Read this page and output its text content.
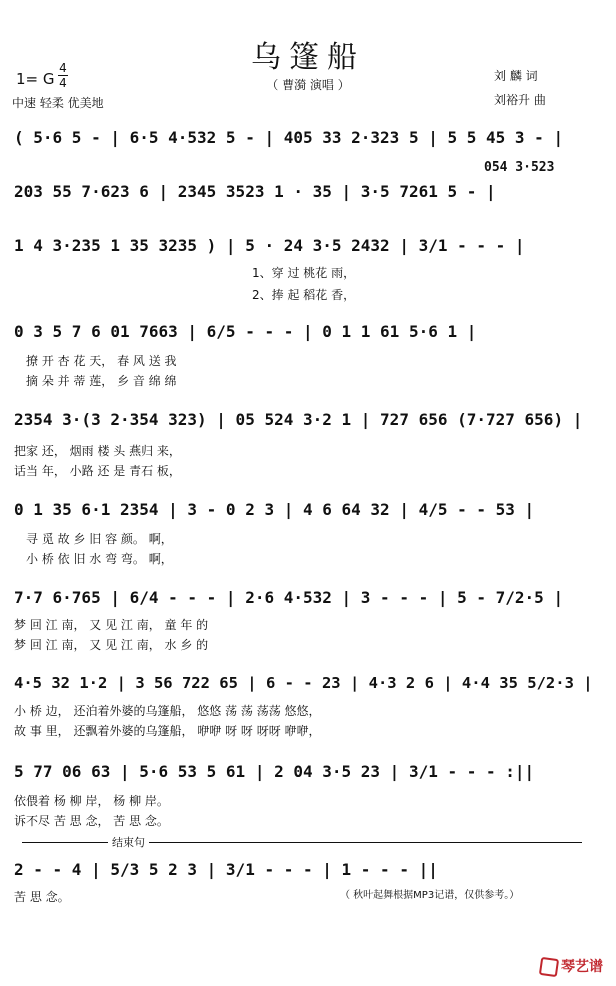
乌篷船
（ 曹漪 演唱 ）
1= G
4
4
中速 轻柔 优美地
刘 麟 词
刘裕升 曲
( 5·6 5 - | 6·5 4·532 5 - | 405 33 2·323 5 | 5 5 45 3 - |
054 3·523
203 55 7·623 6 | 2345 3523 1 · 35 | 3·5 7261 5 - |
1 4 3·235 1 35 3235 ) | 5 · 24 3·5 2432 | 3/1 - - - |
1、穿 过 桃花 雨，
2、捧 起 稻花 香，
0 3 5 7 6 01 7663 | 6/5 - - - | 0 1 1 61 5·6 1 |
撩 开 杏 花 天， 春 风 送 我
摘 朵 并 蒂 莲， 乡 音 绵 绵
2354 3·(3 2·354 323) | 05 524 3·2 1 | 727 656 (7·727 656) |
把家 还， 烟雨 楼 头 燕归 来，
话当 年， 小路 还 是 青石 板，
0 1 35 6·1 2354 | 3 - 0 2 3 | 4 6 64 32 | 4/5 - - 53 |
寻 觅 故 乡 旧 容 颜。 啊，
小 桥 依 旧 水 弯 弯。 啊，
7·7 6·765 | 6/4 - - - | 2·6 4·532 | 3 - - - | 5 - 7/2·5 |
梦 回 江 南， 又 见 江 南， 童 年 的
梦 回 江 南， 又 见 江 南， 水 乡 的
4·5 32 1·2 | 3 56 722 65 | 6 - - 23 | 4·3 2 6 | 4·4 35 5/2·3 |
小 桥 边， 还泊着外婆的乌篷船， 悠悠 荡 荡 荡荡 悠悠，
故 事 里， 还飘着外婆的乌篷船， 咿咿 呀 呀 呀呀 咿咿，
5 77 06 63 | 5·6 53 5 61 | 2 04 3·5 23 | 3/1 - - - :||
依偎着 杨 柳 岸， 杨 柳 岸。
诉不尽 苦 思 念， 苦 思 念。
结束句
2 - - 4 | 5/3 5 2 3 | 3/1 - - - | 1 - - - ||
苦 思 念。	（ 秋叶起舞根据MP3记谱，仅供参考。）
琴艺谱
